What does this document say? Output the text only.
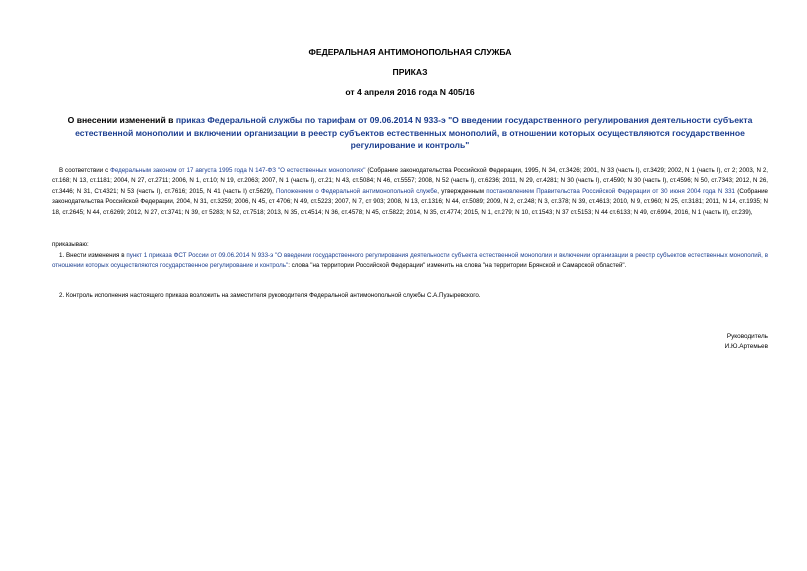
ФЕДЕРАЛЬНАЯ АНТИМОНОПОЛЬНАЯ СЛУЖБА
ПРИКАЗ
от 4 апреля 2016 года N 405/16
О внесении изменений в приказ Федеральной службы по тарифам от 09.06.2014 N 933-э "О введении государственного регулирования деятельности субъекта естественной монополии и включении организации в реестр субъектов естественных монополий, в отношении которых осуществляются государственное регулирование и контроль"
В соответствии с Федеральным законом от 17 августа 1995 года N 147-ФЗ "О естественных монополиях" (Собрание законодательства Российской Федерации, 1995, N 34, ст.3426; 2001, N 33 (часть I), ст.3429; 2002, N 1 (часть I), ст 2; 2003, N 2, ст.168; N 13, ст.1181; 2004, N 27, ст.2711; 2006, N 1, ст.10; N 19, ст.2063; 2007, N 1 (часть I), ст.21; N 43, ст.5084; N 46, ст.5557; 2008, N 52 (часть I), ст.6236; 2011, N 29, ст.4281; N 30 (часть I), ст.4590; N 30 (часть I), ст.4596; N 50, ст.7343; 2012, N 26, ст.3446; N 31, Ст.4321; N 53 (часть I), ст.7616; 2015, N 41 (часть I) ст.5629), Положением о Федеральной антимонопольной службе, утвержденным постановлением Правительства Российской Федерации от 30 июня 2004 года N 331 (Собрание законодательства Российской Федерации, 2004, N 31, ст.3259; 2006, N 45, ст 4706; N 49, ст.5223; 2007, N 7, ст 903; 2008, N 13, ст.1316; N 44, ст.5089; 2009, N 2, ст.248; N 3, ст.378; N 39, ст.4613; 2010, N 9, ст.960; N 25, ст.3181; 2011, N 14, ст.1935; N 18, ст.2645; N 44, ст.6269; 2012, N 27, ст.3741; N 39, ст 5283; N 52, ст.7518; 2013, N 35, ст.4514; N 36, ст.4578; N 45, ст.5822; 2014, N 35, ст.4774; 2015, N 1, ст.279; N 10, ст.1543; N 37 ст.5153; N 44 ст.6133; N 49, ст.6994, 2016, N 1 (часть II), ст.239),
приказываю:
1. Внести изменения в пункт 1 приказа ФСТ России от 09.06.2014 N 933-э "О введении государственного регулирования деятельности субъекта естественной монополии и включении организации в реестр субъектов естественных монополий, в отношении которых осуществляются государственное регулирование и контроль": слова "на территории Российской Федерации" изменить на слова "на территории Брянской и Самарской областей".
2. Контроль исполнения настоящего приказа возложить на заместителя руководителя Федеральной антимонопольной службы С.А.Пузыревского.
Руководитель
И.Ю.Артемьев
